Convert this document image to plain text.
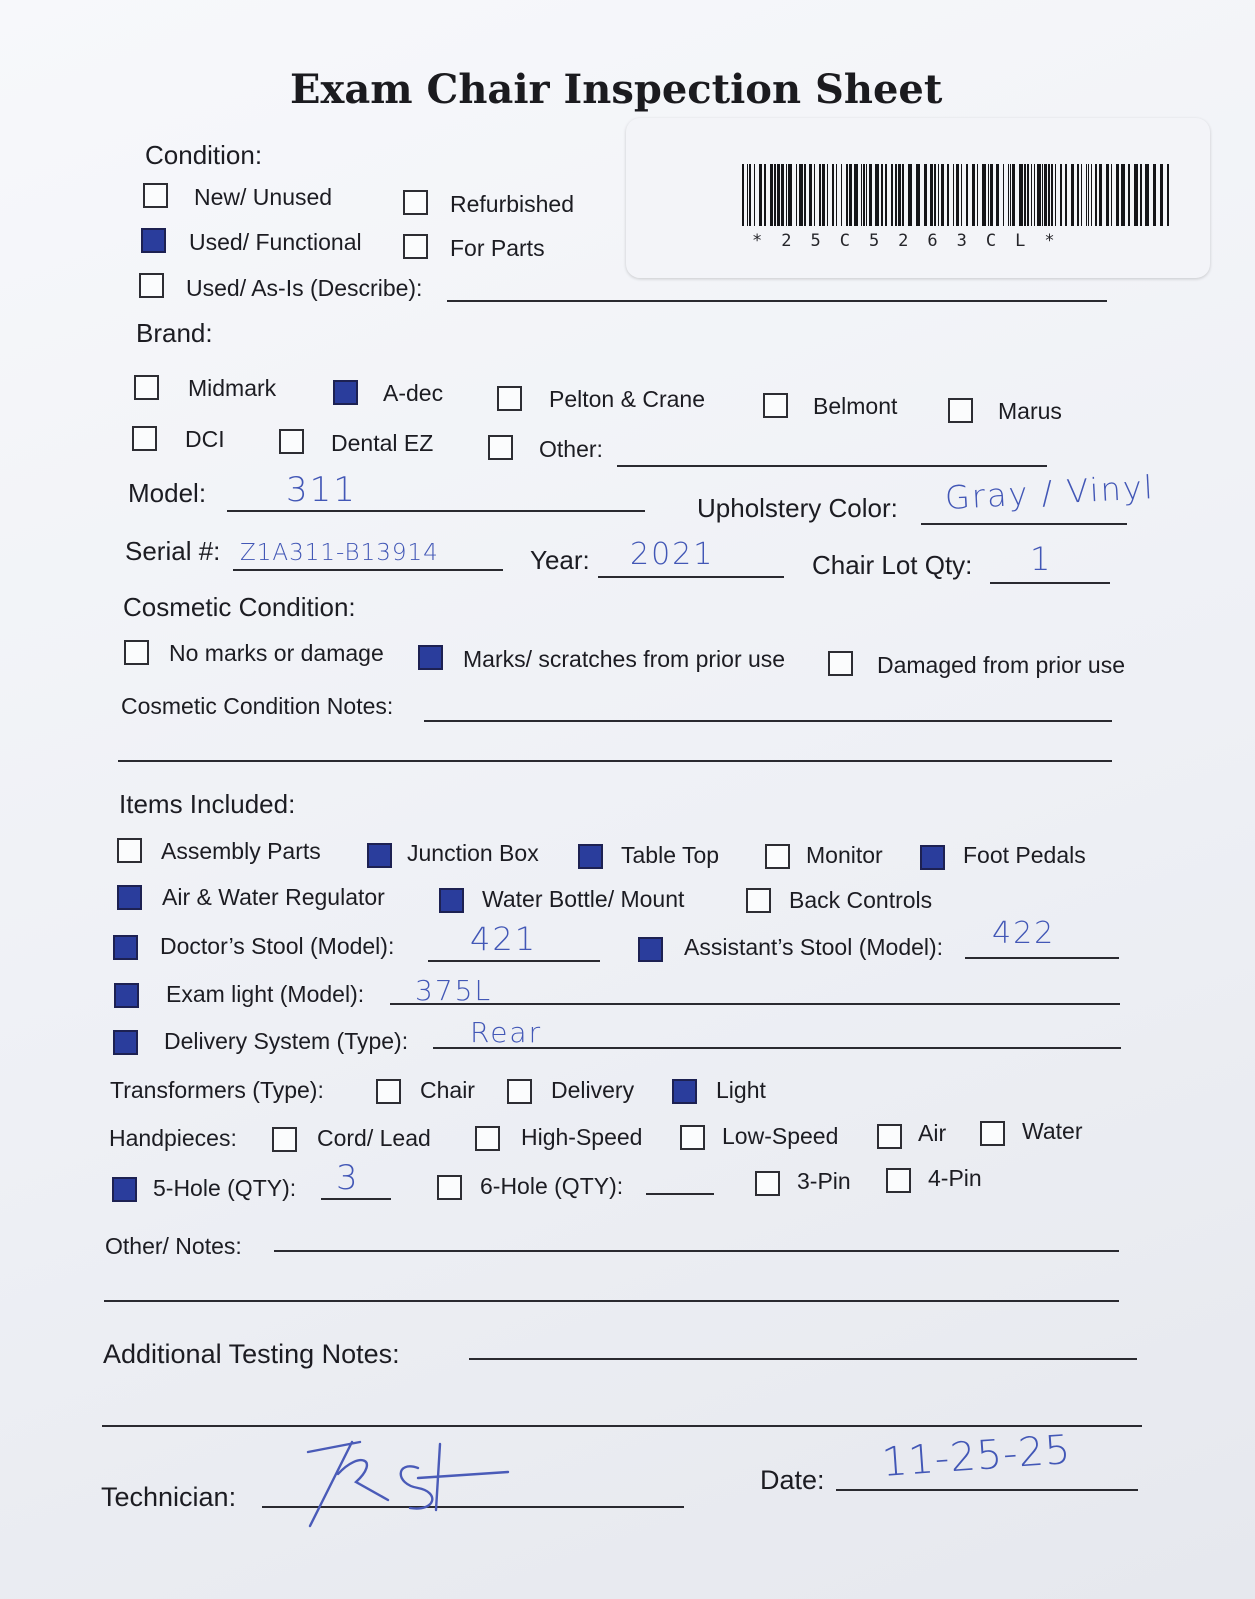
Exam Chair Inspection Sheet
*25C5263CL*
Condition:
New/ Unused	Refurbished
Used/ Functional	For Parts
Used/ As-Is (Describe):
Brand:
Midmark	A-dec	Pelton & Crane	Belmont	Marus
DCI	Dental EZ	Other:
Model: 311	Upholstery Color: Gray / Vinyl
Serial #: Z1A311-B13914	Year: 2021	Chair Lot Qty: 1
Cosmetic Condition:
No marks or damage	Marks/ scratches from prior use	Damaged from prior use
Cosmetic Condition Notes:
Items Included:
Assembly Parts	Junction Box	Table Top	Monitor	Foot Pedals
Air & Water Regulator	Water Bottle/ Mount	Back Controls
Doctor’s Stool (Model): 421	Assistant’s Stool (Model): 422
Exam light (Model): 375L
Delivery System (Type): Rear
Transformers (Type):	Chair	Delivery	Light
Handpieces:	Cord/ Lead	High-Speed	Low-Speed	Air	Water
5-Hole (QTY): 3	6-Hole (QTY):	3-Pin	4-Pin
Other/ Notes:
Additional Testing Notes:
Technician:
Date: 11-25-25
